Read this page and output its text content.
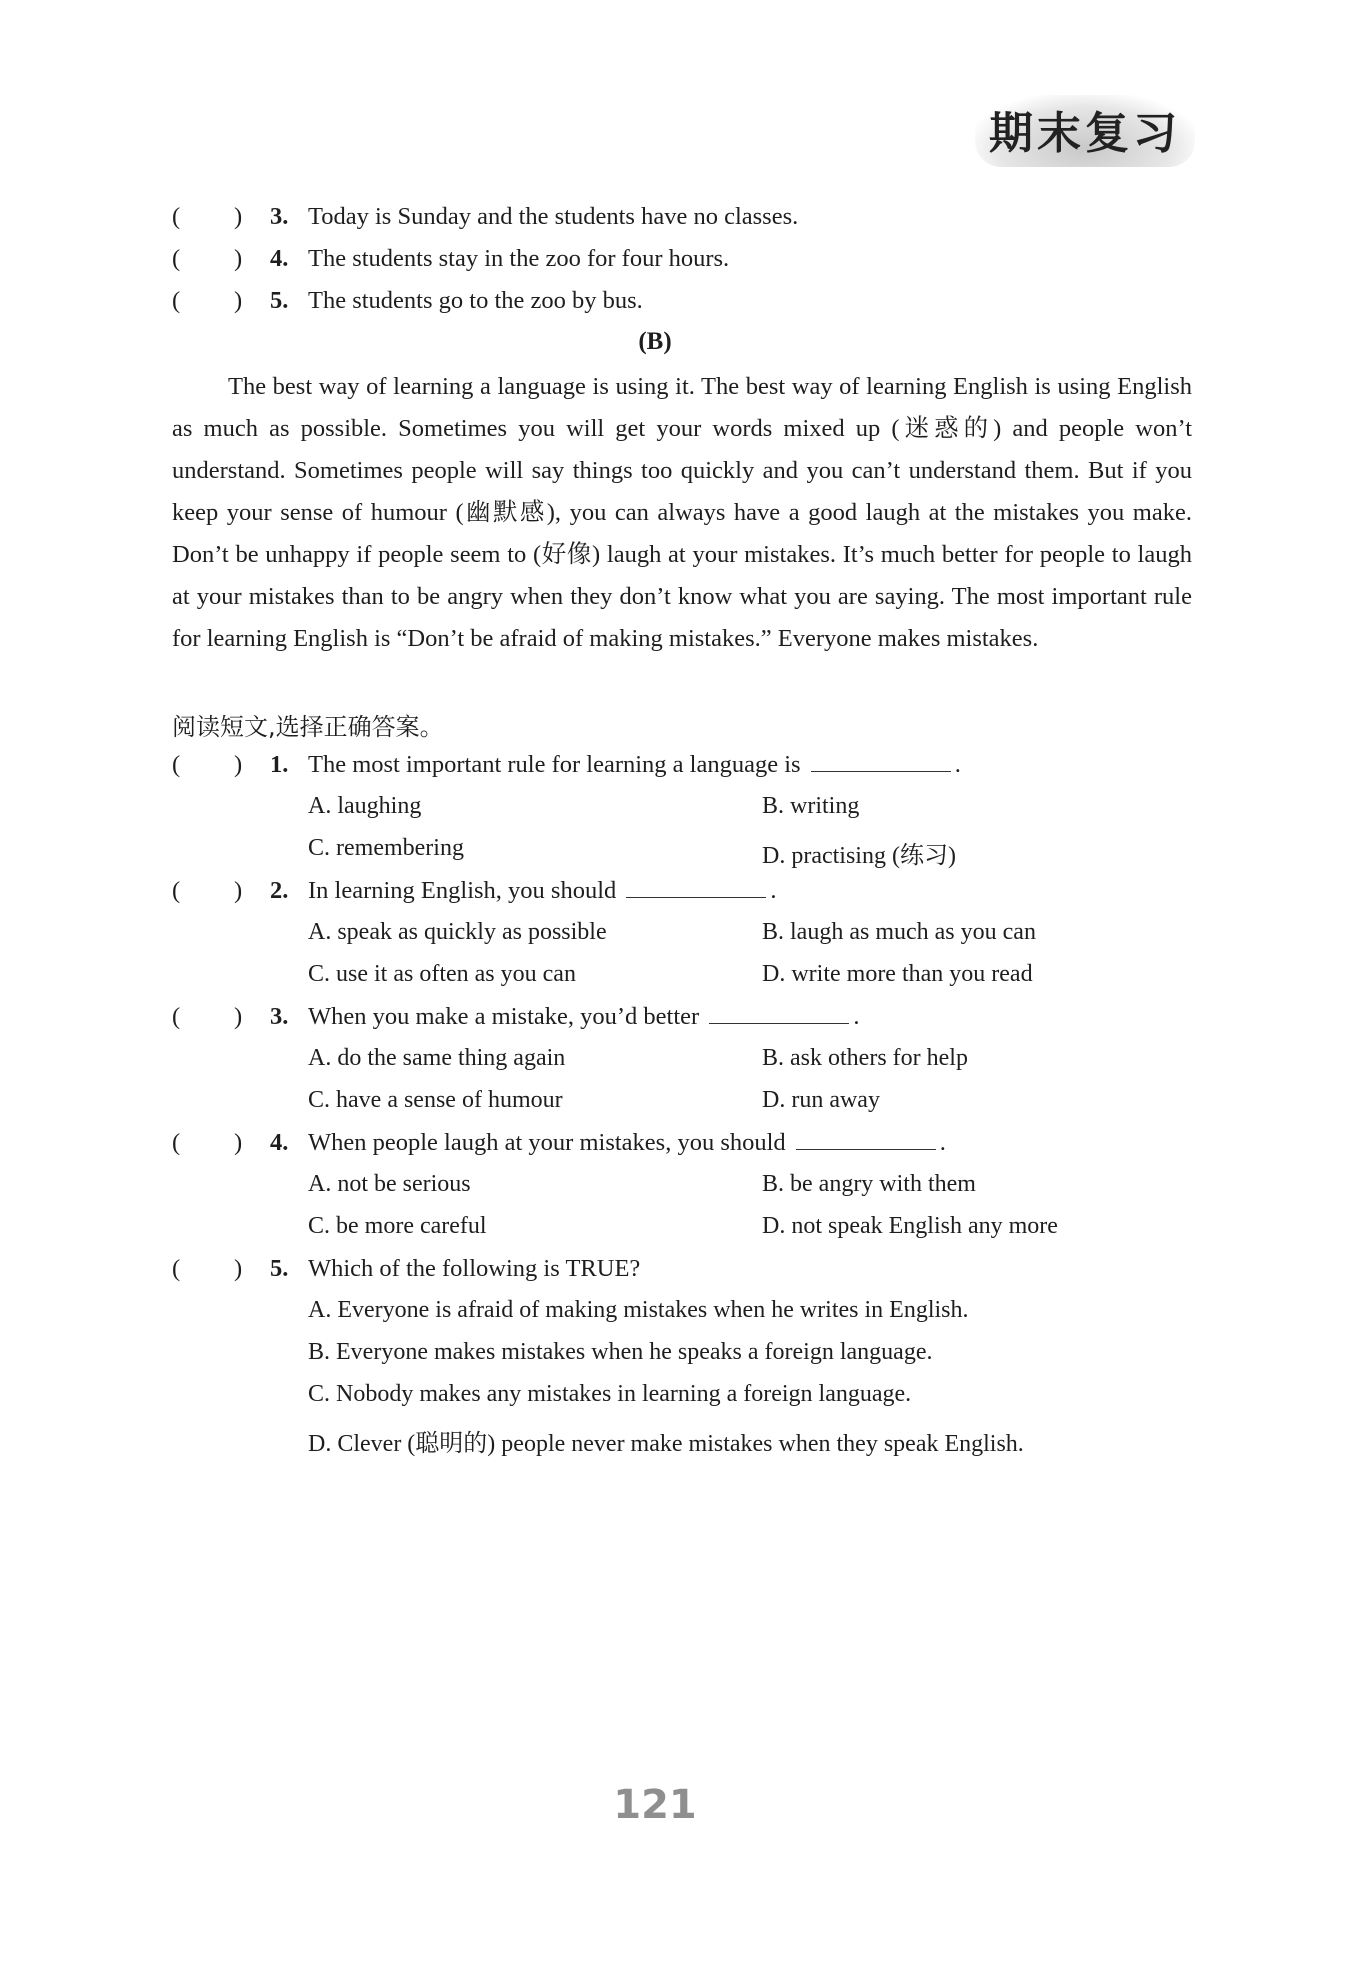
期末复习
( ) 3. Today is Sunday and the students have no classes.
( ) 4. The students stay in the zoo for four hours.
( ) 5. The students go to the zoo by bus.
(B)

The best way of learning a language is using it. The best way of learning English is using English as much as possible. Sometimes you will get your words mixed up (迷惑的) and people won’t understand. Sometimes people will say things too quickly and you can’t understand them. But if you keep your sense of humour (幽默感), you can always have a good laugh at the mistakes you make. Don’t be unhappy if people seem to (好像) laugh at your mistakes. It’s much better for people to laugh at your mistakes than to be angry when they don’t know what you are saying. The most important rule for learning English is “Don’t be afraid of making mistakes.” Everyone makes mistakes.

阅读短文,选择正确答案。
( ) 1. The most important rule for learning a language is	.
A. laughing	B. writing
C. remembering	D. practising (练习)
( ) 2. In learning English, you should	.
A. speak as quickly as possible	B. laugh as much as you can
C. use it as often as you can	D. write more than you read
( ) 3. When you make a mistake, you’d better	.
A. do the same thing again	B. ask others for help
C. have a sense of humour	D. run away
( ) 4. When people laugh at your mistakes, you should	.
A. not be serious	B. be angry with them
C. be more careful	D. not speak English any more
( ) 5. Which of the following is TRUE?
A. Everyone is afraid of making mistakes when he writes in English.
B. Everyone makes mistakes when he speaks a foreign language.
C. Nobody makes any mistakes in learning a foreign language.
D. Clever (聪明的) people never make mistakes when they speak English.
121
